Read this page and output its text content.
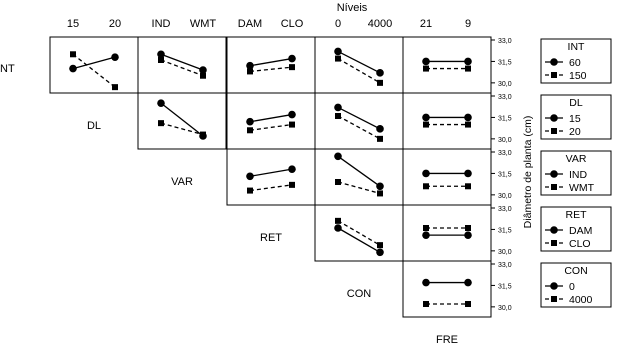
Níveis
Diâmetro de planta (cm)
33,0
33,0
33,0
33,0
33,0
31,5
31,5
31,5
31,5
31,5
30,0
30,0
30,0
30,0
30,0
15	20	IND WMT DAM CLO	0 4000	21	9
NT
DL
VAR
RET
CON
FRE
INT
60
150
DL
15
20
VAR
IND
WMT
RET
DAM
CLO
CON
0
4000
